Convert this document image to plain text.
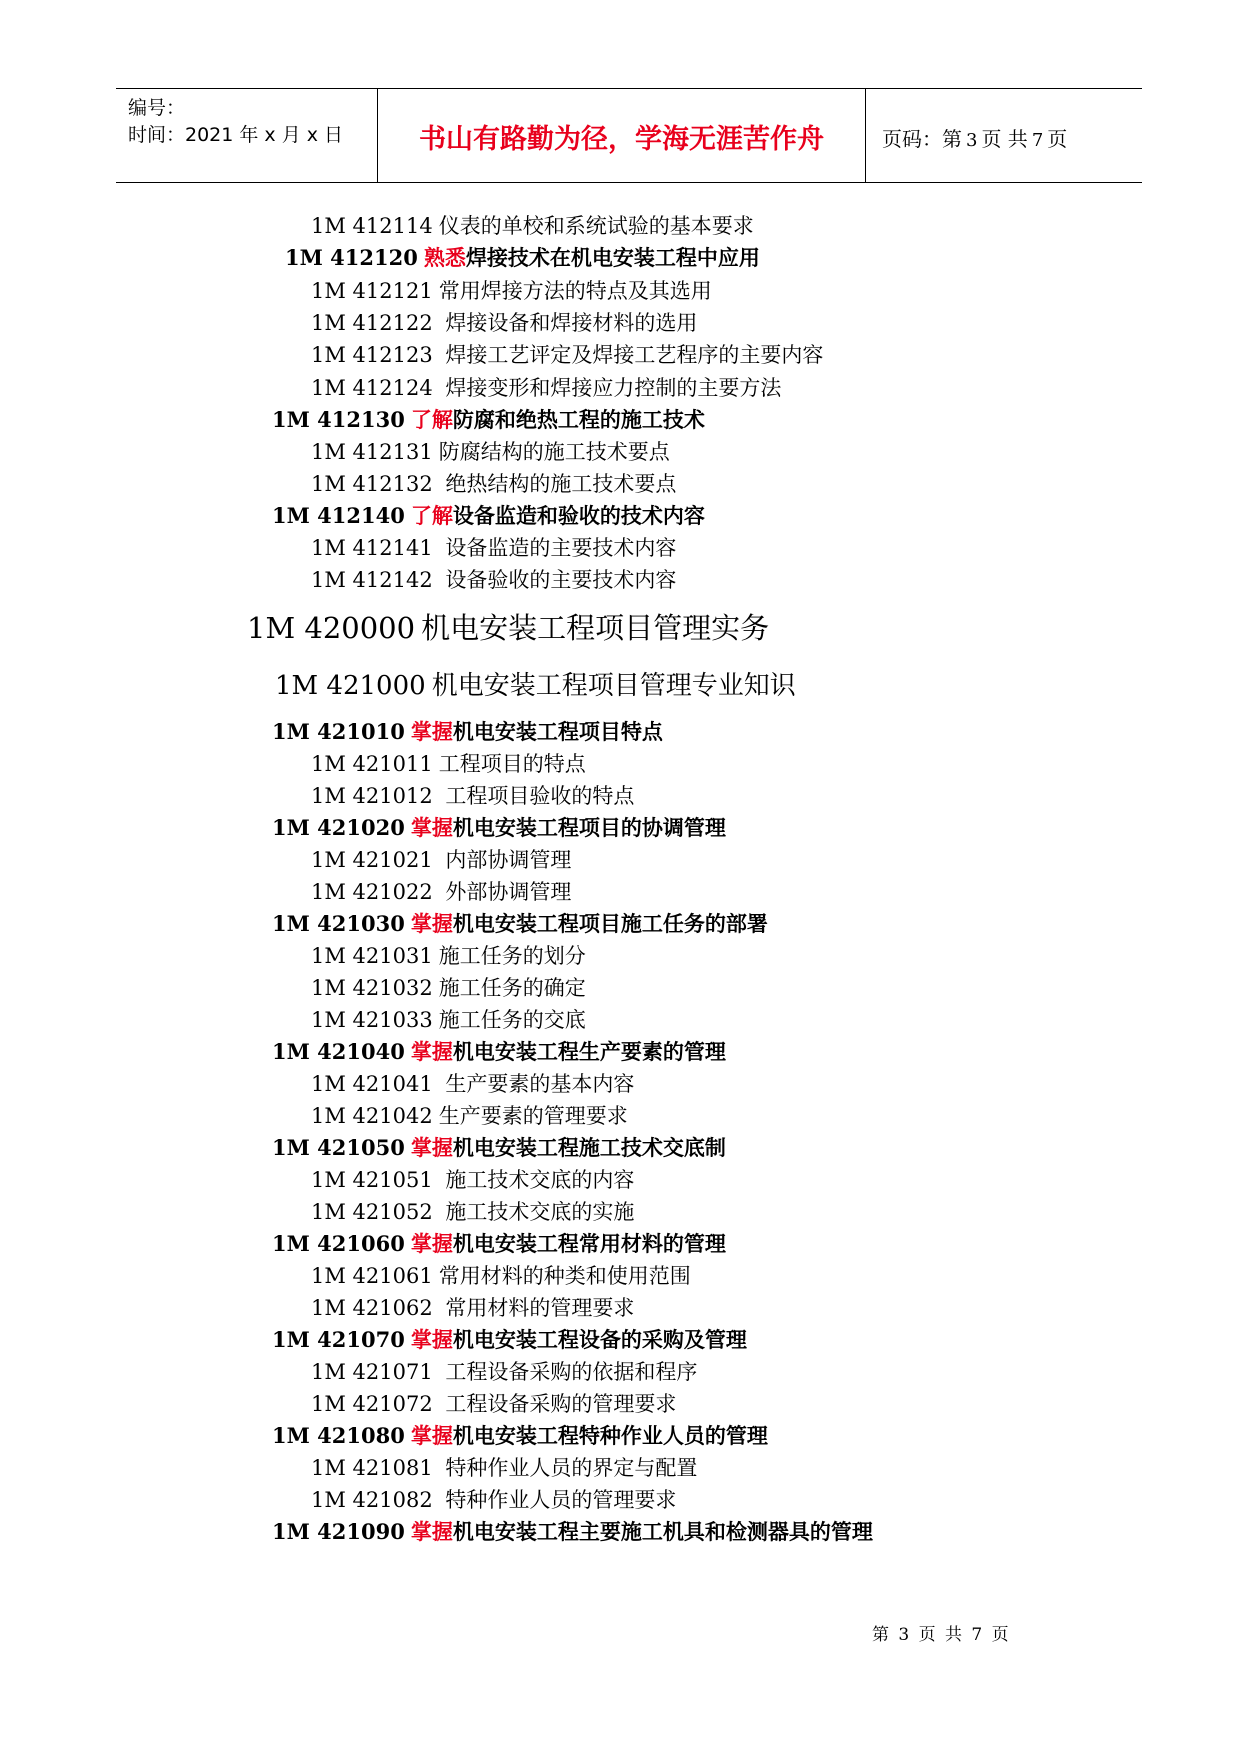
编号：
时间：2021 年 x 月 x 日	书山有路勤为径，学海无涯苦作舟	页码：第 3 页 共 7 页
1M 412114 仪表的单校和系统试验的基本要求
1M 412120 熟悉焊接技术在机电安装工程中应用
1M 412121 常用焊接方法的特点及其选用
1M 412122 焊接设备和焊接材料的选用
1M 412123 焊接工艺评定及焊接工艺程序的主要内容
1M 412124 焊接变形和焊接应力控制的主要方法
1M 412130 了解防腐和绝热工程的施工技术
1M 412131 防腐结构的施工技术要点
1M 412132 绝热结构的施工技术要点
1M 412140 了解设备监造和验收的技术内容
1M 412141 设备监造的主要技术内容
1M 412142 设备验收的主要技术内容
1M 420000 机电安装工程项目管理实务
1M 421000 机电安装工程项目管理专业知识
1M 421010 掌握机电安装工程项目特点
1M 421011 工程项目的特点
1M 421012 工程项目验收的特点
1M 421020 掌握机电安装工程项目的协调管理
1M 421021 内部协调管理
1M 421022 外部协调管理
1M 421030 掌握机电安装工程项目施工任务的部署
1M 421031 施工任务的划分
1M 421032 施工任务的确定
1M 421033 施工任务的交底
1M 421040 掌握机电安装工程生产要素的管理
1M 421041 生产要素的基本内容
1M 421042 生产要素的管理要求
1M 421050 掌握机电安装工程施工技术交底制
1M 421051 施工技术交底的内容
1M 421052 施工技术交底的实施
1M 421060 掌握机电安装工程常用材料的管理
1M 421061 常用材料的种类和使用范围
1M 421062 常用材料的管理要求
1M 421070 掌握机电安装工程设备的采购及管理
1M 421071 工程设备采购的依据和程序
1M 421072 工程设备采购的管理要求
1M 421080 掌握机电安装工程特种作业人员的管理
1M 421081 特种作业人员的界定与配置
1M 421082 特种作业人员的管理要求
1M 421090 掌握机电安装工程主要施工机具和检测器具的管理
第 3 页 共 7 页
